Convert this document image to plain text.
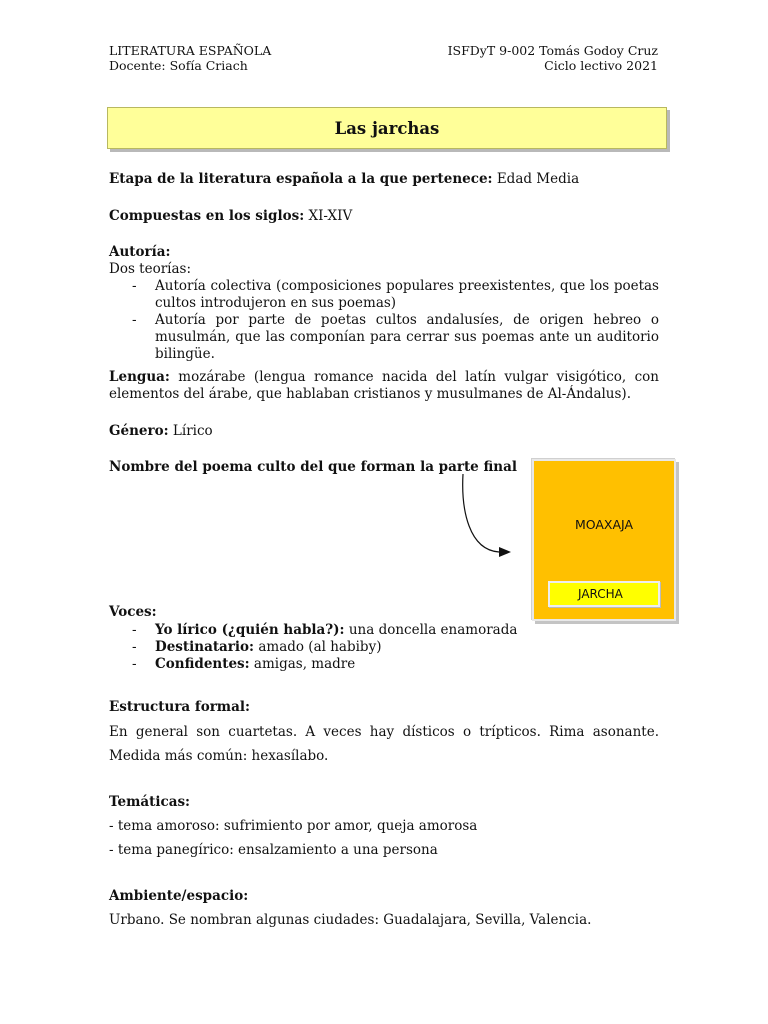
LITERATURA ESPAÑOLA
Docente: Sofía Criach
ISFDyT 9-002 Tomás Godoy Cruz
Ciclo lectivo 2021
Las jarchas
Etapa de la literatura española a la que pertenece: Edad Media
Compuestas en los siglos: XI-XIV
Autoría:
Dos teorías:
- Autoría colectiva (composiciones populares preexistentes, que los poetas cultos introdujeron en sus poemas)
- Autoría por parte de poetas cultos andalusíes, de origen hebreo o musulmán, que las componían para cerrar sus poemas ante un auditorio bilingüe.
Lengua: mozárabe (lengua romance nacida del latín vulgar visigótico, con elementos del árabe, que hablaban cristianos y musulmanes de Al-Ándalus).
Género: Lírico
Nombre del poema culto del que forman la parte final
MOAXAJA
JARCHA
Voces:
- Yo lírico (¿quién habla?): una doncella enamorada
- Destinatario: amado (al habiby)
- Confidentes: amigas, madre
Estructura formal:
En general son cuartetas. A veces hay dísticos o trípticos. Rima asonante. Medida más común: hexasílabo.
Temáticas:
- tema amoroso: sufrimiento por amor, queja amorosa
- tema panegírico: ensalzamiento a una persona
Ambiente/espacio:
Urbano. Se nombran algunas ciudades: Guadalajara, Sevilla, Valencia.
